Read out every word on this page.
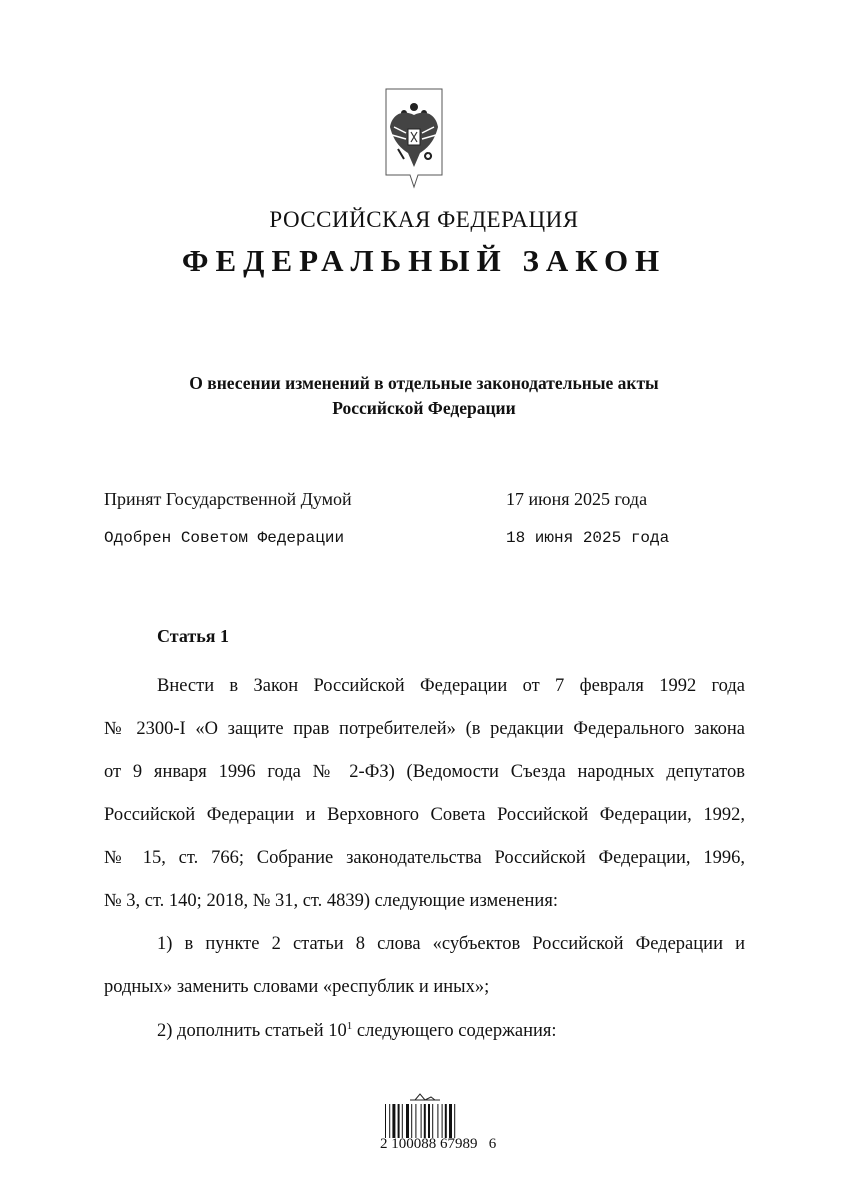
РОССИЙСКАЯ ФЕДЕРАЦИЯ
ФЕДЕРАЛЬНЫЙ ЗАКОН
О внесении изменений в отдельные законодательные акты
Российской Федерации
Принят Государственной Думой	17 июня 2025 года
Одобрен Советом Федерации	18 июня 2025 года
Статья 1
Внести в Закон Российской Федерации от 7 февраля 1992 года
№ 2300-I «О защите прав потребителей» (в редакции Федерального закона
от 9 января 1996 года № 2-ФЗ) (Ведомости Съезда народных депутатов
Российской Федерации и Верховного Совета Российской Федерации, 1992,
№ 15, ст. 766; Собрание законодательства Российской Федерации, 1996,
№ 3, ст. 140; 2018, № 31, ст. 4839) следующие изменения:
1) в пункте 2 статьи 8 слова «субъектов Российской Федерации и
родных» заменить словами «республик и иных»;
2) дополнить статьей $10^1$ следующего содержания:
2 100088 67989   6
